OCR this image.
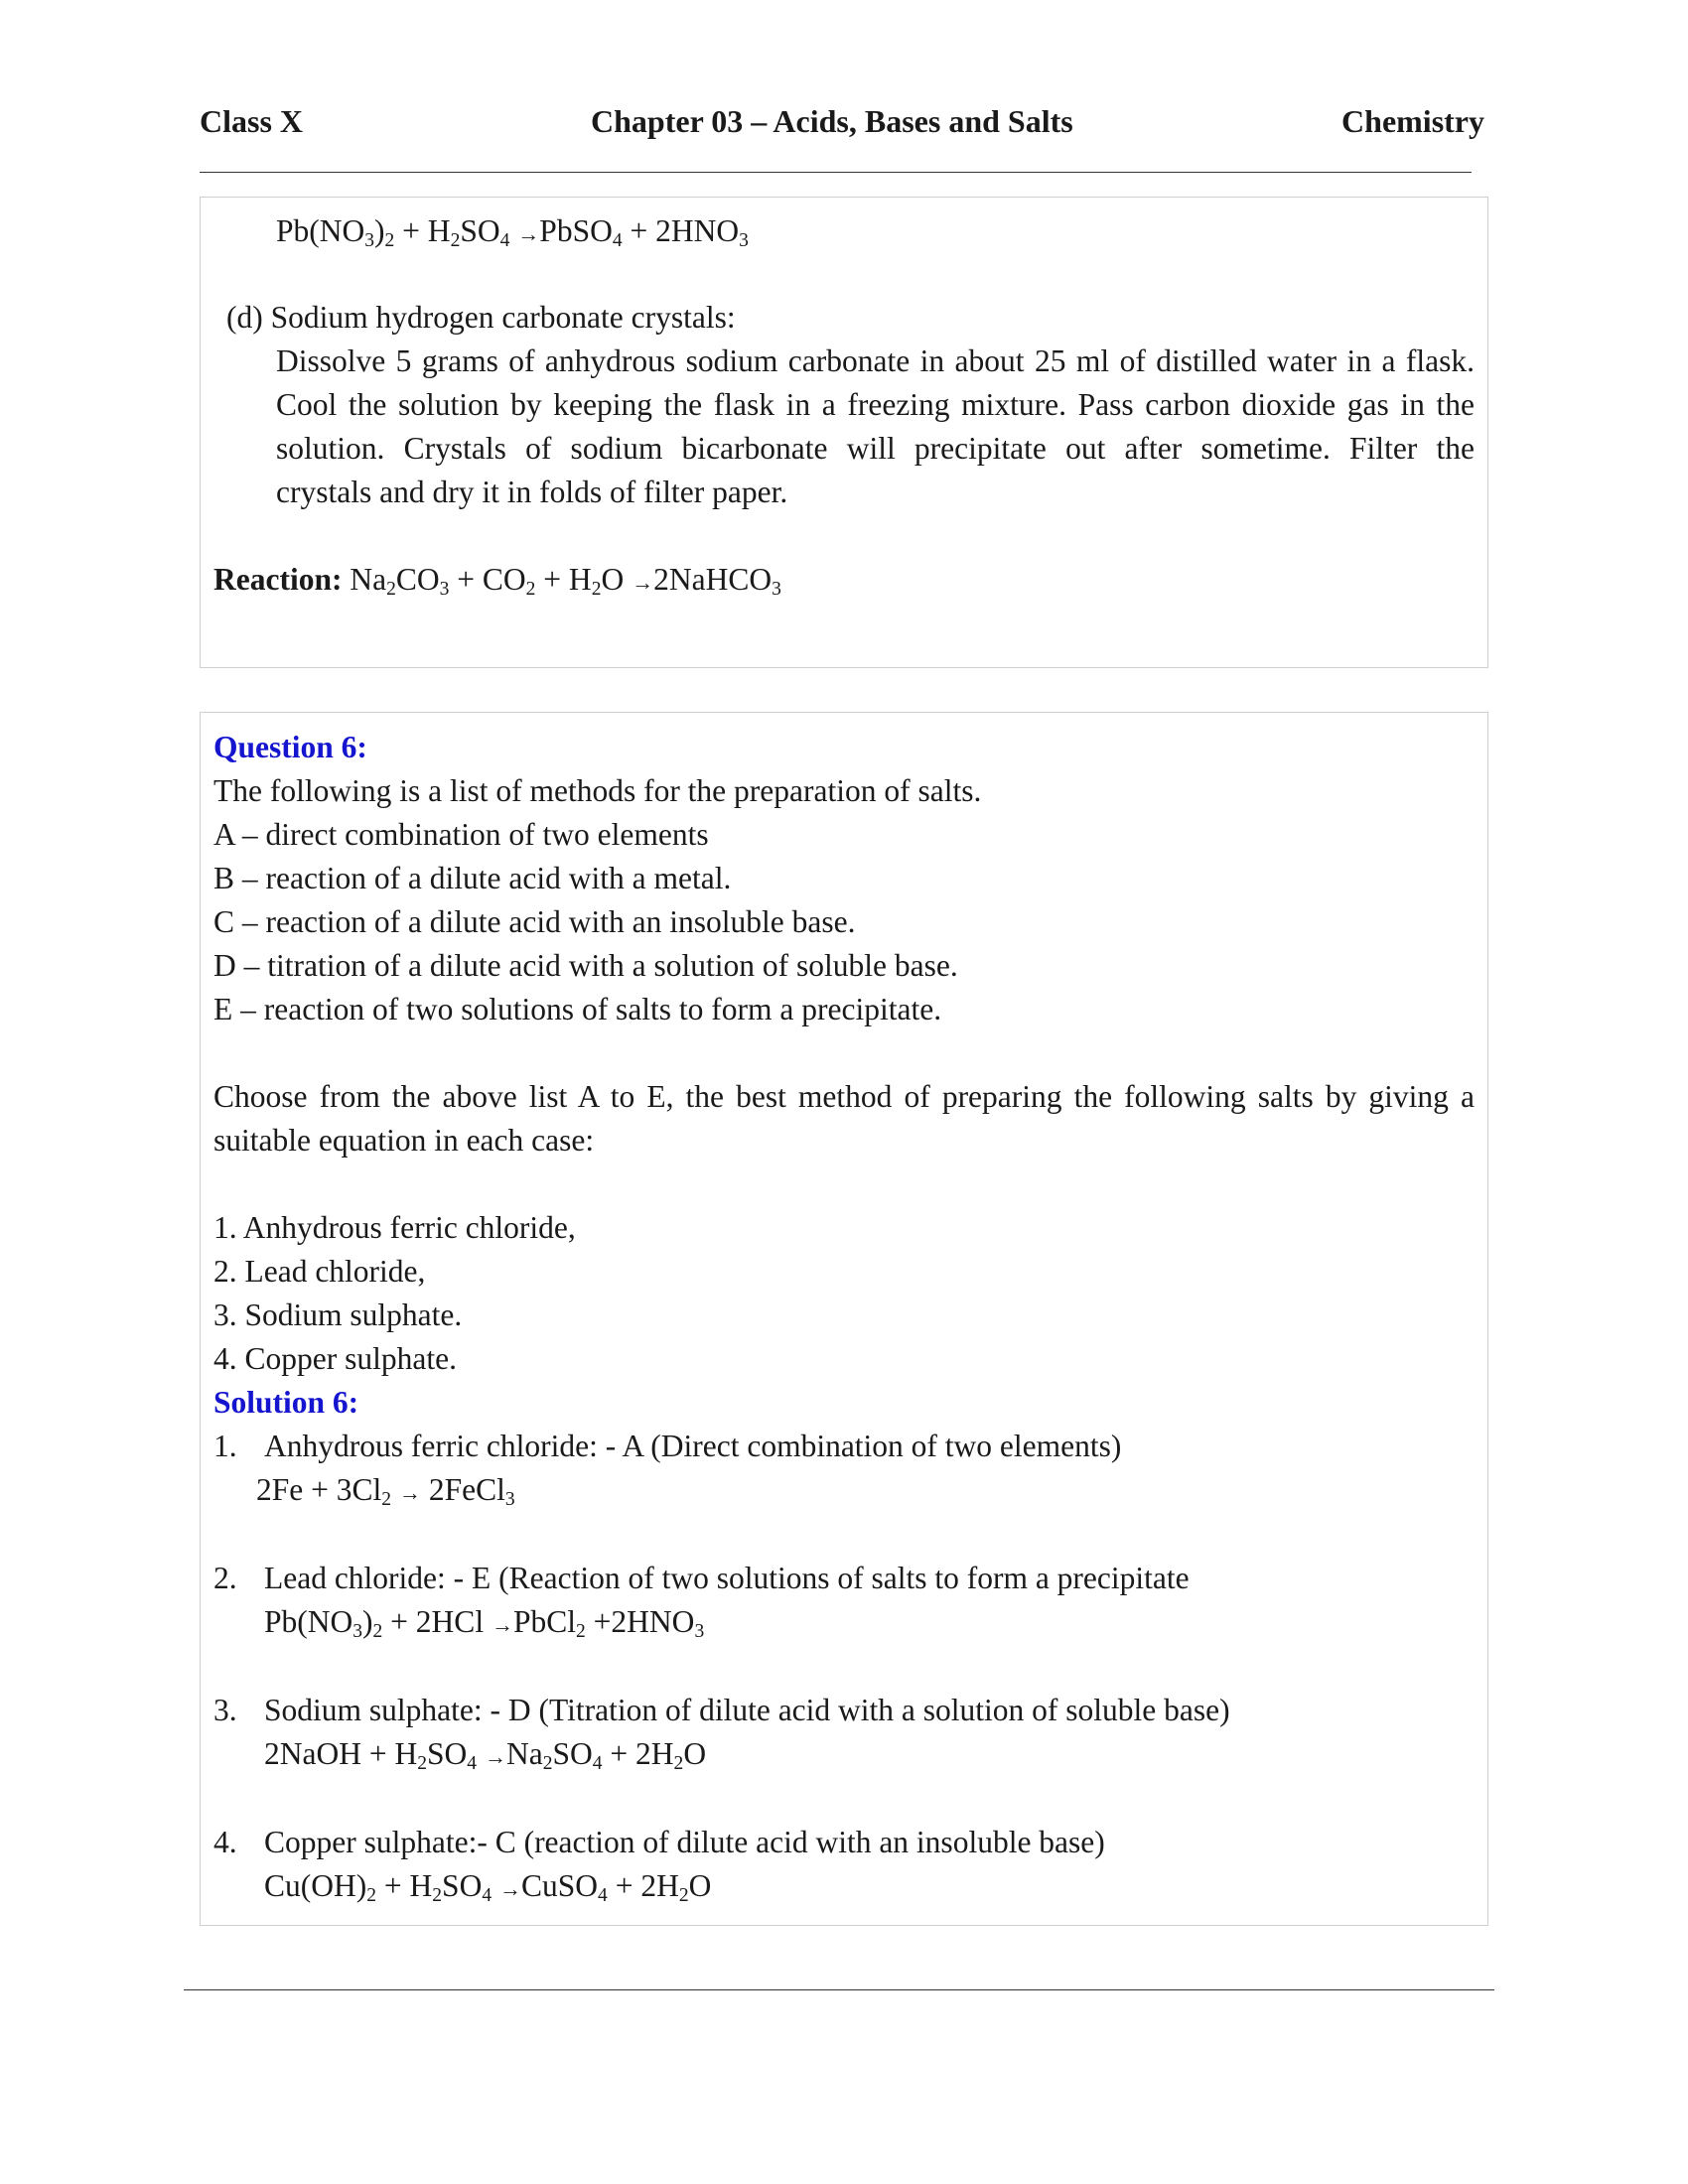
Class X	Chapter 03 – Acids, Bases and Salts	Chemistry
$Pb(NO_3)_2 + H_2SO_4$ →PbSO$_4$ + $2HNO_3$
(d) Sodium hydrogen carbonate crystals:
Dissolve 5 grams of anhydrous sodium carbonate in about 25 ml of distilled water in a flask.
Cool the solution by keeping the flask in a freezing mixture. Pass carbon dioxide gas in the
solution. Crystals of sodium bicarbonate will precipitate out after sometime. Filter the
crystals and dry it in folds of filter paper.
Reaction: $Na_2CO_3 + CO_2 + H_2O$ →2NaHCO$_3$
Question 6:
The following is a list of methods for the preparation of salts.
A – direct combination of two elements
B – reaction of a dilute acid with a metal.
C – reaction of a dilute acid with an insoluble base.
D – titration of a dilute acid with a solution of soluble base.
E – reaction of two solutions of salts to form a precipitate.
Choose from the above list A to E, the best method of preparing the following salts by giving a
suitable equation in each case:
1. Anhydrous ferric chloride,
2. Lead chloride,
3. Sodium sulphate.
4. Copper sulphate.
Solution 6:
1. Anhydrous ferric chloride: - A (Direct combination of two elements)
$2Fe + 3Cl_2$ → 2FeCl$_3$
2. Lead chloride: - E (Reaction of two solutions of salts to form a precipitate
$Pb(NO_3)_2 + 2HCl$ →PbCl$_2$ $+2HNO_3$
3. Sodium sulphate: - D (Titration of dilute acid with a solution of soluble base)
2NaOH + $H_2SO_4 \to Na_2SO_4 + 2H_2O$
4. Copper sulphate:- C (reaction of dilute acid with an insoluble base)
$Cu(OH)_2 + H_2SO_4$ →CuSO$_4$ + $2H_2O$
